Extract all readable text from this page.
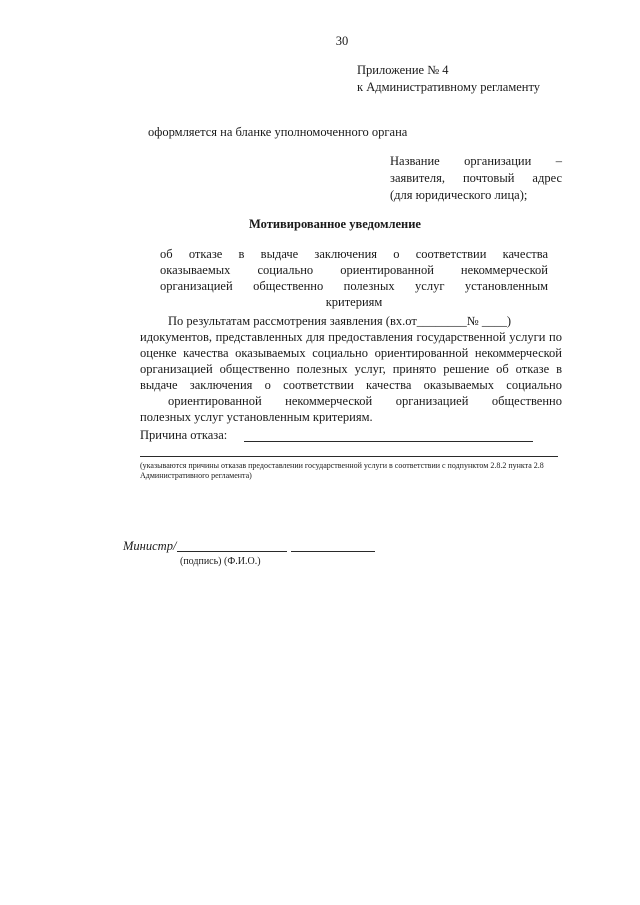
30
Приложение № 4
к Административному регламенту
оформляется на бланке уполномоченного органа
Название организации –
заявителя, почтовый адрес
(для юридического лица);
Мотивированное уведомление
об отказе в выдаче заключения о соответствии качества
оказываемых социально ориентированной некоммерческой
организацией общественно полезных услуг установленным
критериям
По результатам рассмотрения заявления (вх.от________№ ____)
идокументов, представленных для предоставления государственной услуги по
оценке качества оказываемых социально ориентированной некоммерческой
организацией общественно полезных услуг, принято решение об отказе в
выдаче заключения о соответствии качества оказываемых социально
ориентированной некоммерческой организацией общественно
полезных услуг установленным критериям.
Причина отказа:
(указываются причины отказав предоставлении государственной услуги в соответствии с подпунктом 2.8.2 пункта 2.8 Административного регламента)
Министр/
(подпись) (Ф.И.О.)
